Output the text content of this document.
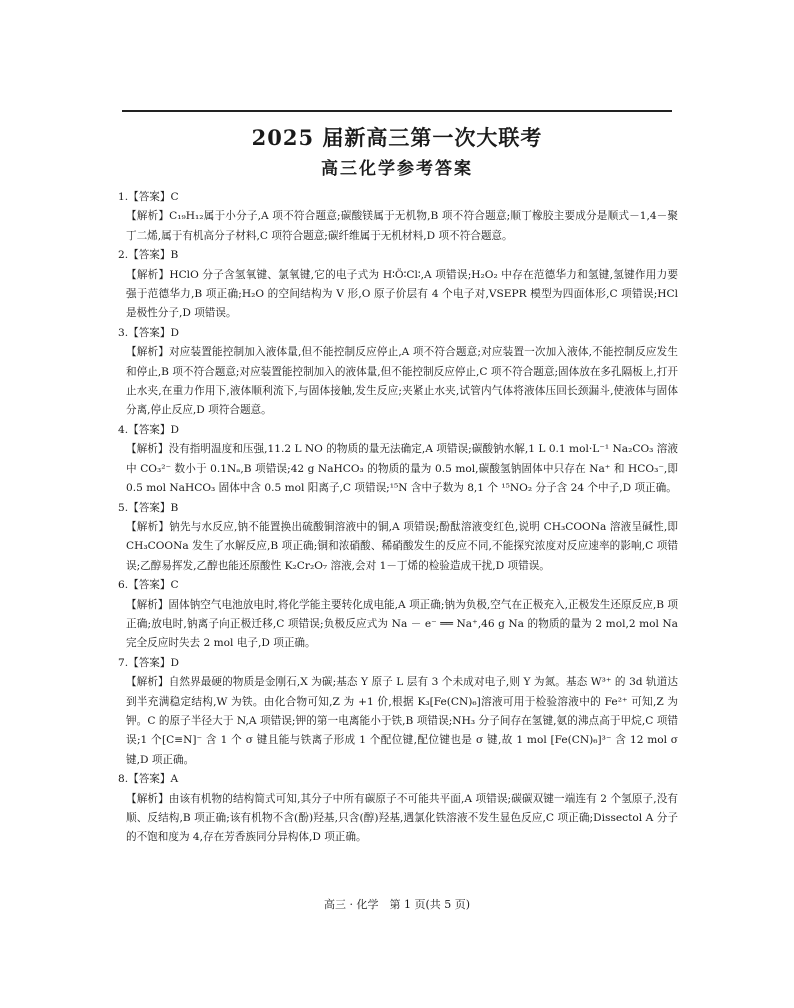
2025 届新高三第一次大联考
高三化学参考答案

1.【答案】C

【解析】C₁₉H₁₂属于小分子,A 项不符合题意;碳酸镁属于无机物,B 项不符合题意;顺丁橡胶主要成分是顺式－1,4－聚丁二烯,属于有机高分子材料,C 项符合题意;碳纤维属于无机材料,D 项不符合题意。

2.【答案】B

【解析】HClO 分子含氢氧键、氯氧键,它的电子式为 H∶Ö∶Cl∶,A 项错误;H₂O₂ 中存在范德华力和氢键,氢键作用力要强于范德华力,B 项正确;H₂O 的空间结构为 V 形,O 原子价层有 4 个电子对,VSEPR 模型为四面体形,C 项错误;HCl 是极性分子,D 项错误。

3.【答案】D

【解析】对应装置能控制加入液体量,但不能控制反应停止,A 项不符合题意;对应装置一次加入液体,不能控制反应发生和停止,B 项不符合题意;对应装置能控制加入的液体量,但不能控制反应停止,C 项不符合题意;固体放在多孔隔板上,打开止水夹,在重力作用下,液体顺利流下,与固体接触,发生反应;夹紧止水夹,试管内气体将液体压回长颈漏斗,使液体与固体分离,停止反应,D 项符合题意。

4.【答案】D

【解析】没有指明温度和压强,11.2 L NO 的物质的量无法确定,A 项错误;碳酸钠水解,1 L 0.1 mol·L⁻¹ Na₂CO₃ 溶液中 CO₃²⁻ 数小于 0.1Nₐ,B 项错误;42 g NaHCO₃ 的物质的量为 0.5 mol,碳酸氢钠固体中只存在 Na⁺ 和 HCO₃⁻,即 0.5 mol NaHCO₃ 固体中含 0.5 mol 阳离子,C 项错误;¹⁵N 含中子数为 8,1 个 ¹⁵NO₂ 分子含 24 个中子,D 项正确。

5.【答案】B

【解析】钠先与水反应,钠不能置换出硫酸铜溶液中的铜,A 项错误;酚酞溶液变红色,说明 CH₃COONa 溶液呈碱性,即 CH₃COONa 发生了水解反应,B 项正确;铜和浓硝酸、稀硝酸发生的反应不同,不能探究浓度对反应速率的影响,C 项错误;乙醇易挥发,乙醇也能还原酸性 K₂Cr₂O₇ 溶液,会对 1－丁烯的检验造成干扰,D 项错误。

6.【答案】C

【解析】固体钠空气电池放电时,将化学能主要转化成电能,A 项正确;钠为负极,空气在正极充入,正极发生还原反应,B 项正确;放电时,钠离子向正极迁移,C 项错误;负极反应式为 Na － e⁻ ══ Na⁺,46 g Na 的物质的量为 2 mol,2 mol Na 完全反应时失去 2 mol 电子,D 项正确。

7.【答案】D

【解析】自然界最硬的物质是金刚石,X 为碳;基态 Y 原子 L 层有 3 个未成对电子,则 Y 为氮。基态 W³⁺ 的 3d 轨道达到半充满稳定结构,W 为铁。由化合物可知,Z 为 +1 价,根据 K₃[Fe(CN)₆]溶液可用于检验溶液中的 Fe²⁺ 可知,Z 为钾。C 的原子半径大于 N,A 项错误;钾的第一电离能小于铁,B 项错误;NH₃ 分子间存在氢键,氨的沸点高于甲烷,C 项错误;1 个[C≡N]⁻ 含 1 个 σ 键且能与铁离子形成 1 个配位键,配位键也是 σ 键,故 1 mol [Fe(CN)₆]³⁻ 含 12 mol σ 键,D 项正确。

8.【答案】A

【解析】由该有机物的结构简式可知,其分子中所有碳原子不可能共平面,A 项错误;碳碳双键一端连有 2 个氢原子,没有顺、反结构,B 项正确;该有机物不含(酚)羟基,只含(醇)羟基,遇氯化铁溶液不发生显色反应,C 项正确;Dissectol A 分子的不饱和度为 4,存在芳香族同分异构体,D 项正确。

高三 · 化学　第 1 页(共 5 页)
